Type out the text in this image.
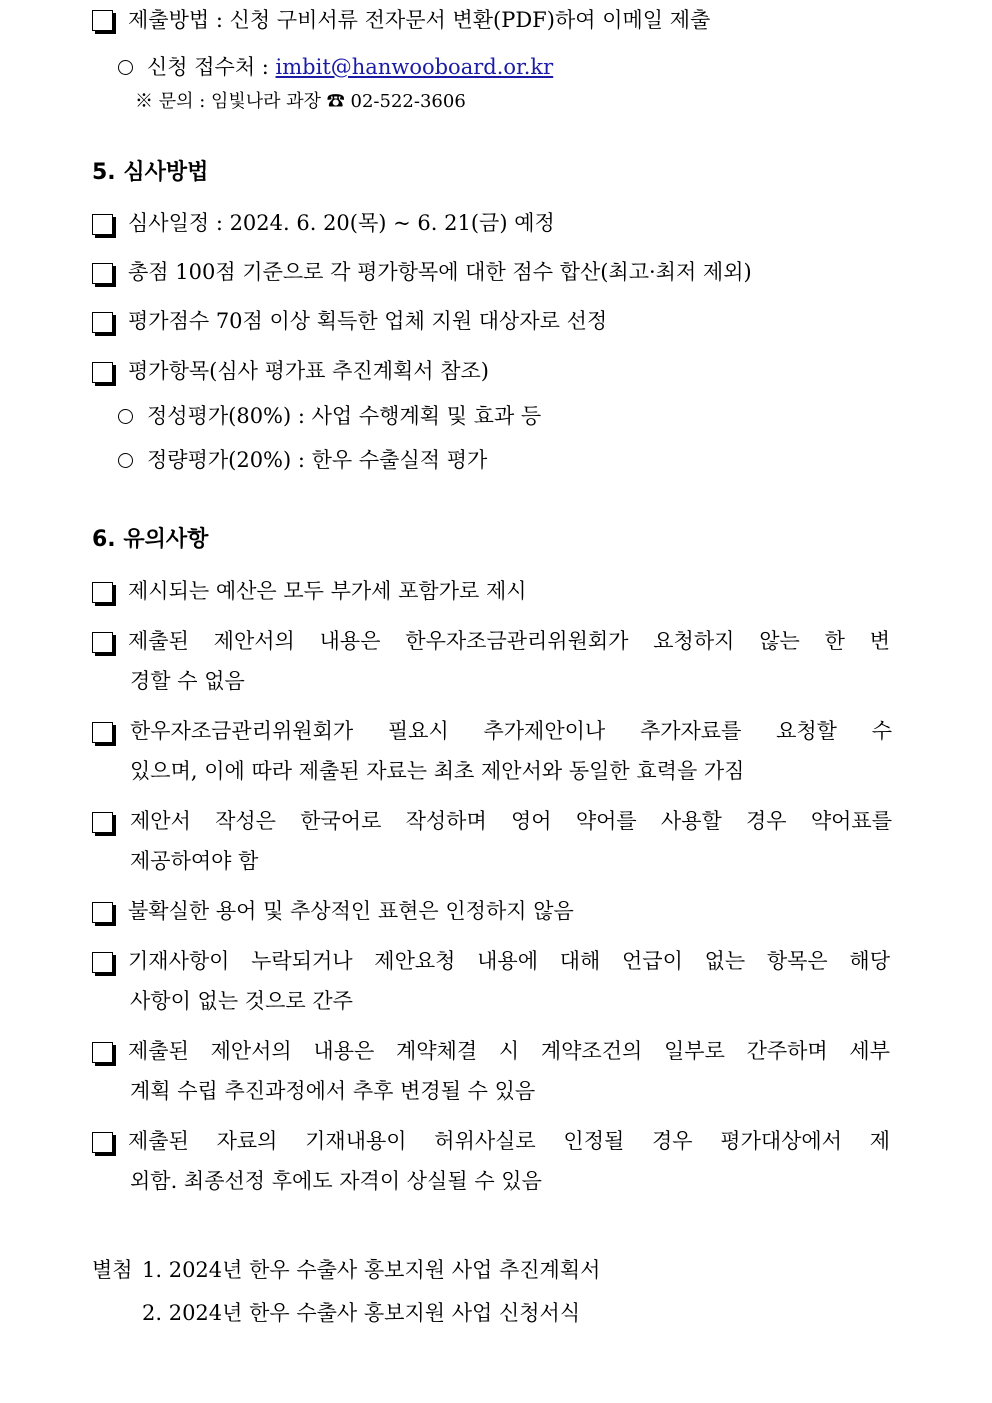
제출방법 : 신청 구비서류 전자문서 변환(PDF)하여 이메일 제출
신청 접수처 : imbit@hanwooboard.or.kr
※ 문의 : 임빛나라 과장 ☎ 02-522-3606
5. 심사방법
심사일정 : 2024. 6. 20(목) ~ 6. 21(금) 예정
총점 100점 기준으로 각 평가항목에 대한 점수 합산(최고·최저 제외)
평가점수 70점 이상 획득한 업체 지원 대상자로 선정
평가항목(심사 평가표 추진계획서 참조)
정성평가(80%) : 사업 수행계획 및 효과 등
정량평가(20%) : 한우 수출실적 평가
6. 유의사항
제시되는 예산은 모두 부가세 포함가로 제시
제출된 제안서의 내용은 한우자조금관리위원회가 요청하지 않는 한 변
경할 수 없음
한우자조금관리위원회가 필요시 추가제안이나 추가자료를 요청할 수
있으며, 이에 따라 제출된 자료는 최초 제안서와 동일한 효력을 가짐
제안서 작성은 한국어로 작성하며 영어 약어를 사용할 경우 약어표를
제공하여야 함
불확실한 용어 및 추상적인 표현은 인정하지 않음
기재사항이 누락되거나 제안요청 내용에 대해 언급이 없는 항목은 해당
사항이 없는 것으로 간주
제출된 제안서의 내용은 계약체결 시 계약조건의 일부로 간주하며 세부
계획 수립 추진과정에서 추후 변경될 수 있음
제출된 자료의 기재내용이 허위사실로 인정될 경우 평가대상에서 제
외함. 최종선정 후에도 자격이 상실될 수 있음
별첨 1. 2024년 한우 수출사 홍보지원 사업 추진계획서
2. 2024년 한우 수출사 홍보지원 사업 신청서식
